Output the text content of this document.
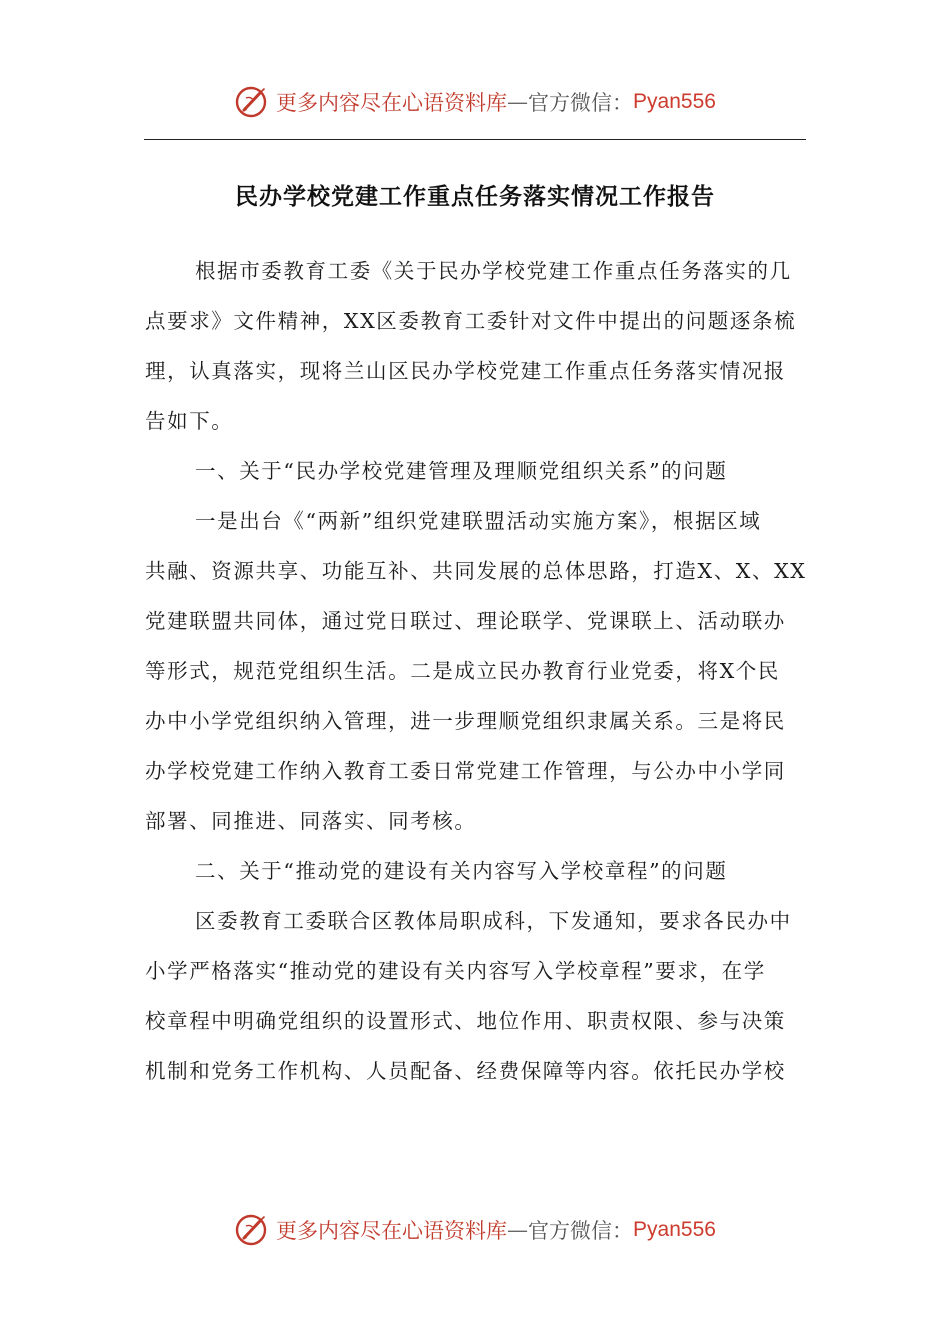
更多内容尽在心语资料库 — 官方微信： Pyan556
民办学校党建工作重点任务落实情况工作报告
根据市委教育工委《关于民办学校党建工作重点任务落实的几
点要求》文件精神，XX区委教育工委针对文件中提出的问题逐条梳
理，认真落实，现将兰山区民办学校党建工作重点任务落实情况报
告如下。
一、关于“民办学校党建管理及理顺党组织关系”的问题
一是出台《“两新”组织党建联盟活动实施方案》，根据区域
共融、资源共享、功能互补、共同发展的总体思路，打造X、X、XX
党建联盟共同体，通过党日联过、理论联学、党课联上、活动联办
等形式，规范党组织生活。二是成立民办教育行业党委，将X个民
办中小学党组织纳入管理，进一步理顺党组织隶属关系。三是将民
办学校党建工作纳入教育工委日常党建工作管理，与公办中小学同
部署、同推进、同落实、同考核。
二、关于“推动党的建设有关内容写入学校章程”的问题
区委教育工委联合区教体局职成科，下发通知，要求各民办中
小学严格落实“推动党的建设有关内容写入学校章程”要求，在学
校章程中明确党组织的设置形式、地位作用、职责权限、参与决策
机制和党务工作机构、人员配备、经费保障等内容。依托民办学校
更多内容尽在心语资料库 — 官方微信： Pyan556
